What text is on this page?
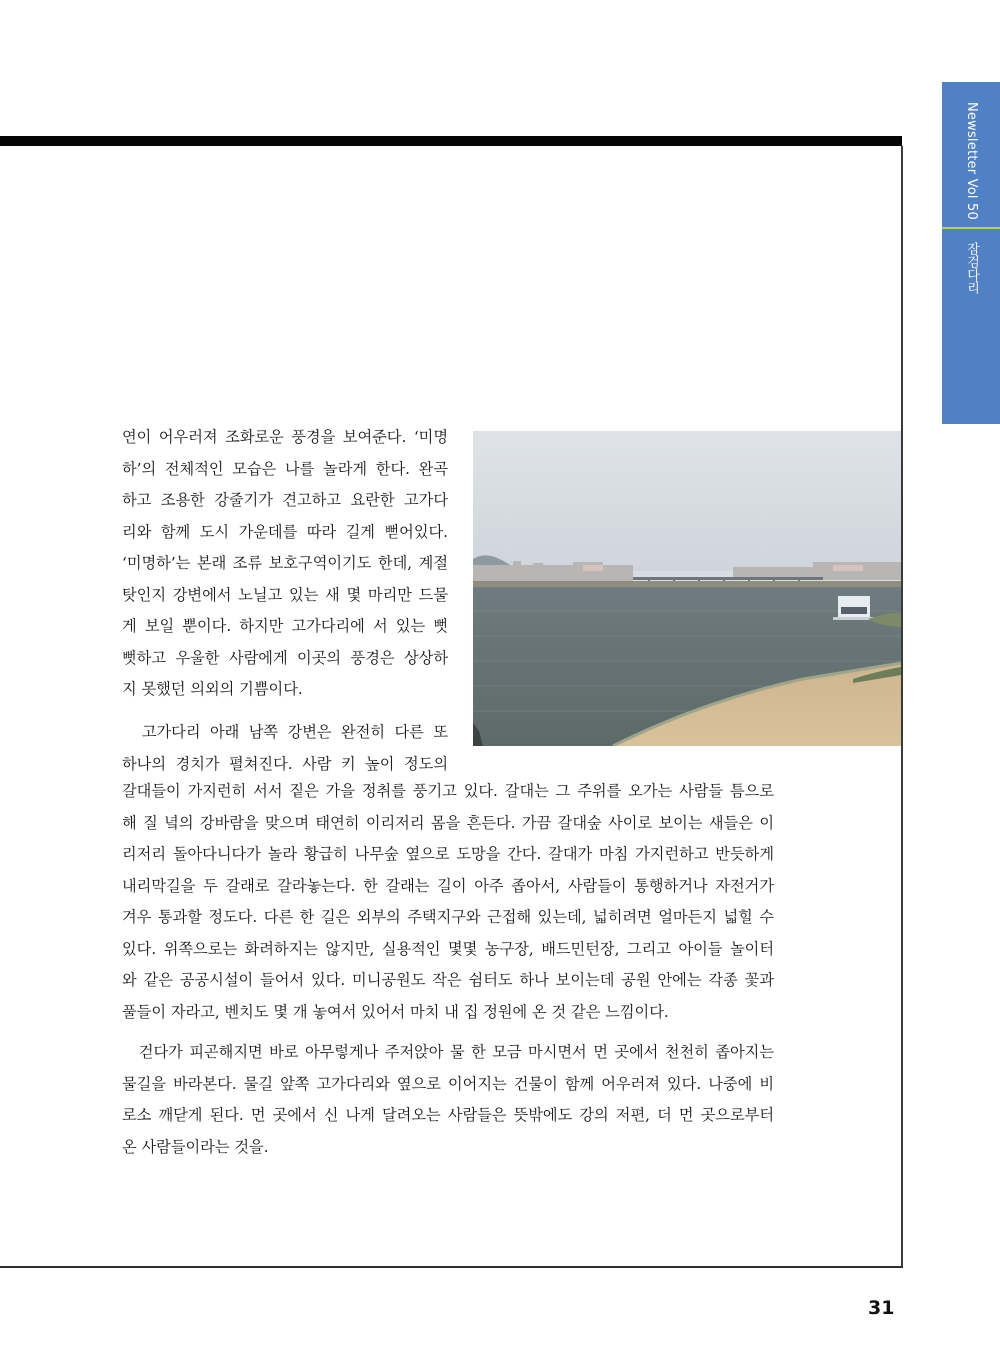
Newsletter Vol 50
잠검다리
연이 어우러져 조화로운 풍경을 보여준다. ‘미명
하’의 전체적인 모습은 나를 놀라게 한다. 완곡
하고 조용한 강줄기가 견고하고 요란한 고가다
리와 함께 도시 가운데를 따라 길게 뻗어있다.
‘미명하’는 본래 조류 보호구역이기도 한데, 계절
탓인지 강변에서 노닐고 있는 새 몇 마리만 드물
게 보일 뿐이다. 하지만 고가다리에 서 있는 뻣
뻣하고 우울한 사람에게 이곳의 풍경은 상상하
지 못했던 의외의 기쁨이다.
　고가다리 아래 남쪽 강변은 완전히 다른 또
하나의 경치가 펼쳐진다. 사람 키 높이 정도의
갈대들이 가지런히 서서 짙은 가을 정취를 풍기고 있다. 갈대는 그 주위를 오가는 사람들 틈으로
해 질 녘의 강바람을 맞으며 태연히 이리저리 몸을 흔든다. 가끔 갈대숲 사이로 보이는 새들은 이
리저리 돌아다니다가 놀라 황급히 나무숲 옆으로 도망을 간다. 갈대가 마침 가지런하고 반듯하게
내리막길을 두 갈래로 갈라놓는다. 한 갈래는 길이 아주 좁아서, 사람들이 통행하거나 자전거가
겨우 통과할 정도다. 다른 한 길은 외부의 주택지구와 근접해 있는데, 넓히려면 얼마든지 넓힐 수
있다. 위쪽으로는 화려하지는 않지만, 실용적인 몇몇 농구장, 배드민턴장, 그리고 아이들 놀이터
와 같은 공공시설이 들어서 있다. 미니공원도 작은 쉼터도 하나 보이는데 공원 안에는 각종 꽃과
풀들이 자라고, 벤치도 몇 개 놓여서 있어서 마치 내 집 정원에 온 것 같은 느낌이다.
　걷다가 피곤해지면 바로 아무렇게나 주저앉아 물 한 모금 마시면서 먼 곳에서 천천히 좁아지는
물길을 바라본다. 물길 앞쪽 고가다리와 옆으로 이어지는 건물이 함께 어우러져 있다. 나중에 비
로소 깨닫게 된다. 먼 곳에서 신 나게 달려오는 사람들은 뜻밖에도 강의 저편, 더 먼 곳으로부터
온 사람들이라는 것을.
31
